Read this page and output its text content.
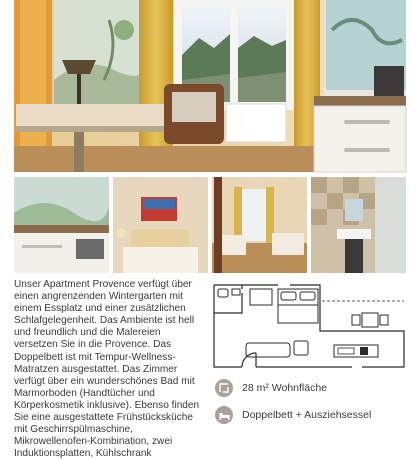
Unser Apartment Provence verfügt über einen angrenzenden Wintergarten mit einem Essplatz und einer zusätzlichen Schlafgelegenheit. Das Ambiente ist hell und freundlich und die Malereien versetzen Sie in die Provence. Das Doppelbett ist mit Tempur-Wellness-Matratzen ausgestattet. Das Zimmer verfügt über ein wunderschönes Bad mit Marmorboden (Handtücher und Körperkosmetik inklusive). Ebenso finden Sie eine ausgestattete Frühstücksküche mit Geschirrspülmaschine, Mikrowellenofen-Kombination, zwei Induktionsplatten, Kühlschrank
28 m² Wohnfläche
Doppelbett + Ausziehsessel
